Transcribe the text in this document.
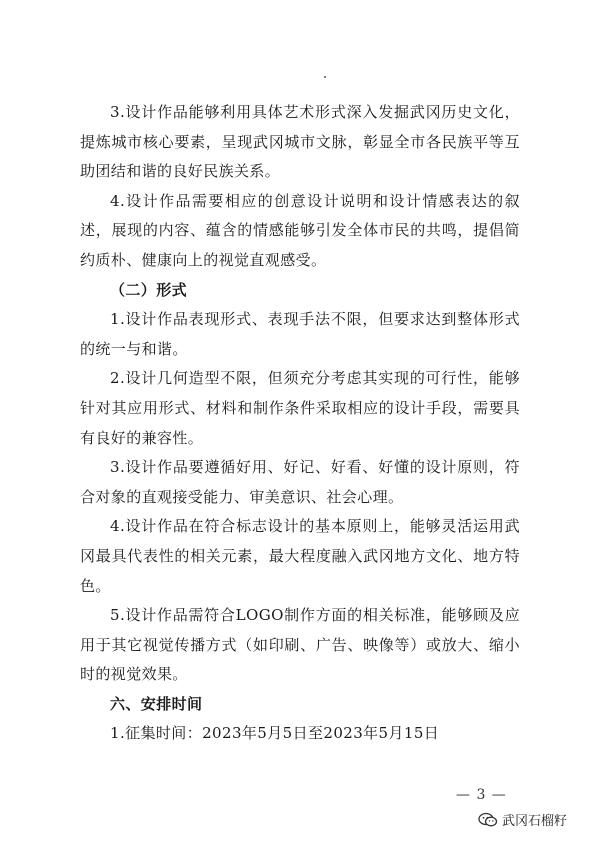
3.设计作品能够利用具体艺术形式深入发掘武冈历史文化，提炼城市核心要素，呈现武冈城市文脉，彰显全市各民族平等互助团结和谐的良好民族关系。

4.设计作品需要相应的创意设计说明和设计情感表达的叙述，展现的内容、蕴含的情感能够引发全体市民的共鸣，提倡简约质朴、健康向上的视觉直观感受。

（二）形式

1.设计作品表现形式、表现手法不限，但要求达到整体形式的统一与和谐。

2.设计几何造型不限，但须充分考虑其实现的可行性，能够针对其应用形式、材料和制作条件采取相应的设计手段，需要具有良好的兼容性。

3.设计作品要遵循好用、好记、好看、好懂的设计原则，符合对象的直观接受能力、审美意识、社会心理。

4.设计作品在符合标志设计的基本原则上，能够灵活运用武冈最具代表性的相关元素，最大程度融入武冈地方文化、地方特色。

5.设计作品需符合LOGO制作方面的相关标准，能够顾及应用于其它视觉传播方式（如印刷、广告、映像等）或放大、缩小时的视觉效果。

六、安排时间

1.征集时间：2023年5月5日至2023年5月15日

— 3 —
武冈石榴籽
